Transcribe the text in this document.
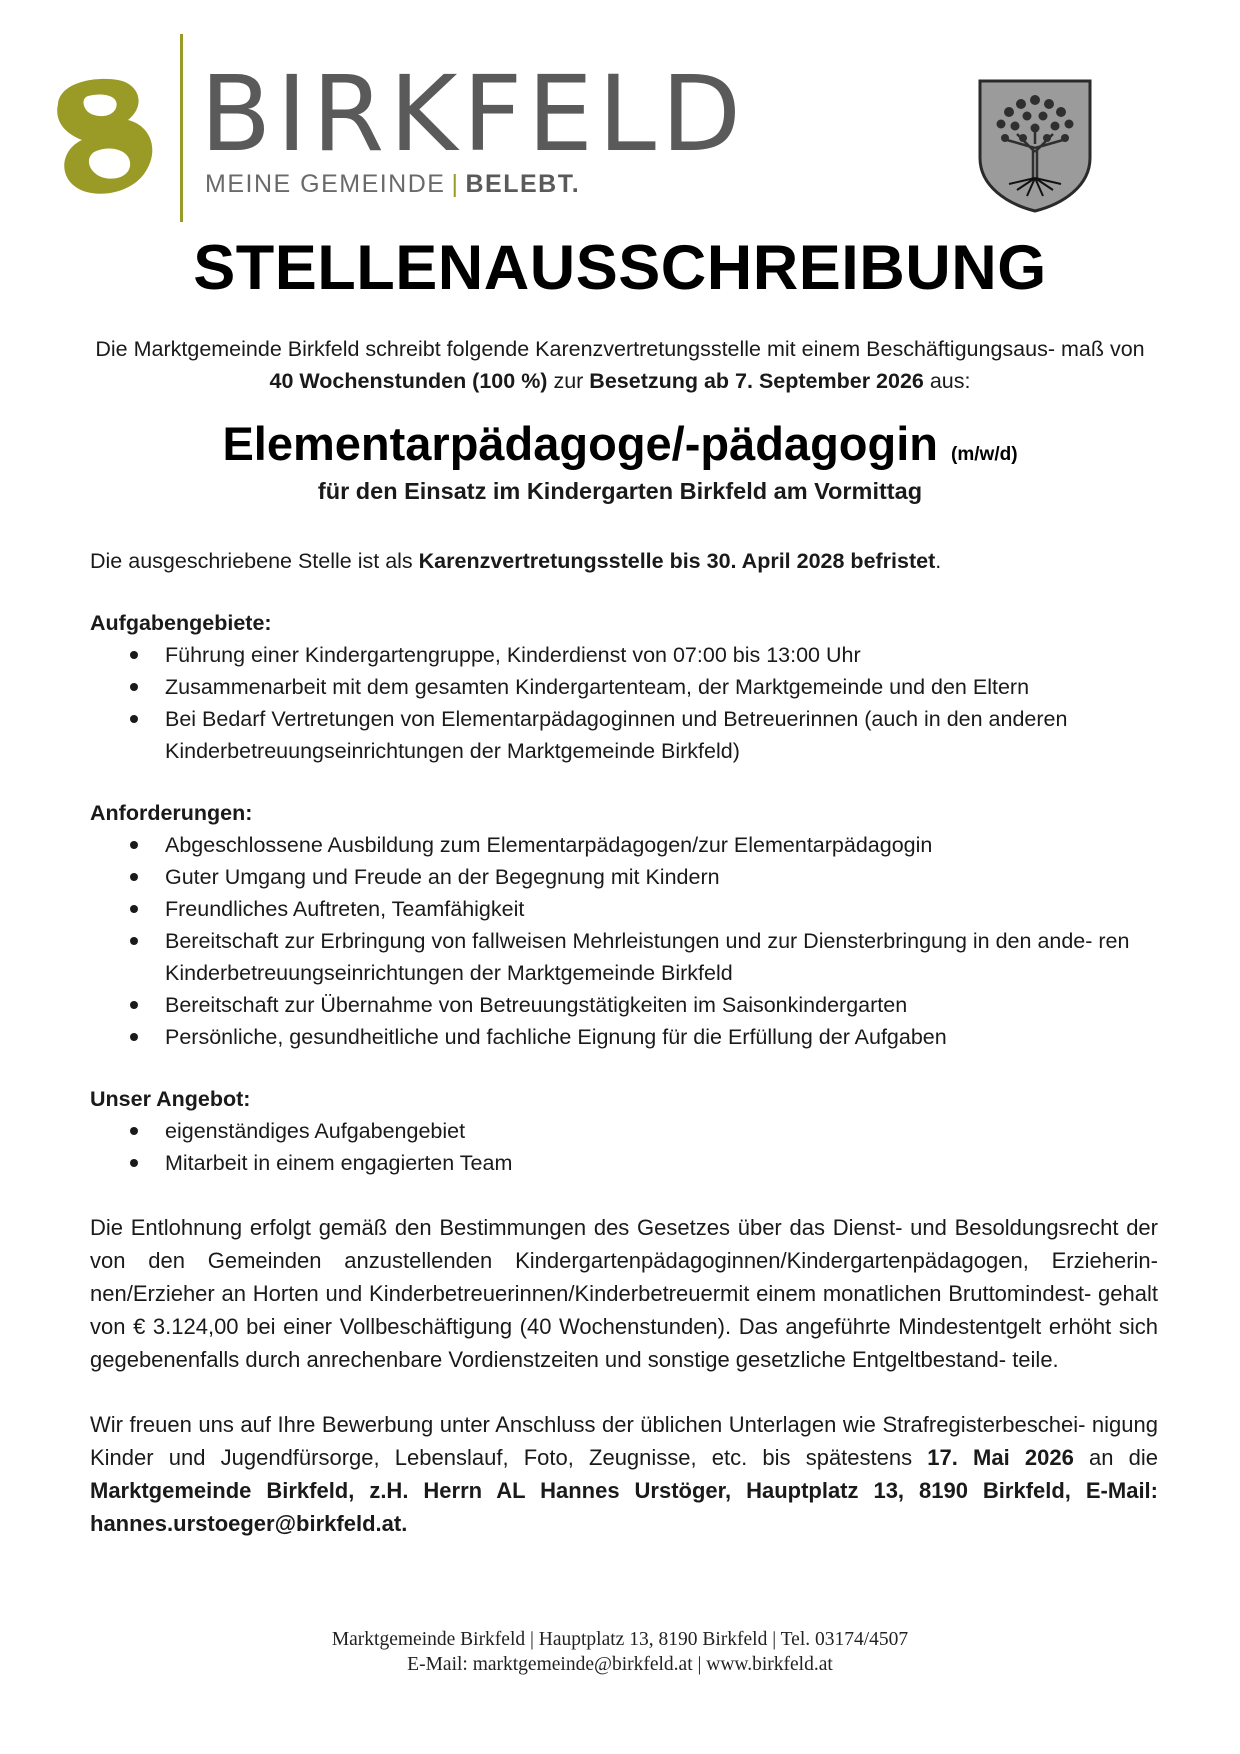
BIRKFELD
MEINE GEMEINDE | BELEBT.
STELLENAUSSCHREIBUNG
Die Marktgemeinde Birkfeld schreibt folgende Karenzvertretungsstelle mit einem Beschäftigungsaus- maß von 40 Wochenstunden (100 %) zur Besetzung ab 7. September 2026 aus:
Elementarpädagoge/-pädagogin (m/w/d)
für den Einsatz im Kindergarten Birkfeld am Vormittag

Die ausgeschriebene Stelle ist als Karenzvertretungsstelle bis 30. April 2028 befristet.

Aufgabengebiete:

Führung einer Kindergartengruppe, Kinderdienst von 07:00 bis 13:00 Uhr
Zusammenarbeit mit dem gesamten Kindergartenteam, der Marktgemeinde und den Eltern
Bei Bedarf Vertretungen von Elementarpädagoginnen und Betreuerinnen (auch in den anderen Kinderbetreuungseinrichtungen der Marktgemeinde Birkfeld)

Anforderungen:

Abgeschlossene Ausbildung zum Elementarpädagogen/zur Elementarpädagogin
Guter Umgang und Freude an der Begegnung mit Kindern
Freundliches Auftreten, Teamfähigkeit
Bereitschaft zur Erbringung von fallweisen Mehrleistungen und zur Diensterbringung in den ande- ren Kinderbetreuungseinrichtungen der Marktgemeinde Birkfeld
Bereitschaft zur Übernahme von Betreuungstätigkeiten im Saisonkindergarten
Persönliche, gesundheitliche und fachliche Eignung für die Erfüllung der Aufgaben

Unser Angebot:

eigenständiges Aufgabengebiet
Mitarbeit in einem engagierten Team

Die Entlohnung erfolgt gemäß den Bestimmungen des Gesetzes über das Dienst- und Besoldungsrecht der von den Gemeinden anzustellenden Kindergartenpädagoginnen/Kindergartenpädagogen, Erzieherin- nen/Erzieher an Horten und Kinderbetreuerinnen/Kinderbetreuermit einem monatlichen Bruttomindest- gehalt von € 3.124,00 bei einer Vollbeschäftigung (40 Wochenstunden). Das angeführte Mindestentgelt erhöht sich gegebenenfalls durch anrechenbare Vordienstzeiten und sonstige gesetzliche Entgeltbestand- teile.

Wir freuen uns auf Ihre Bewerbung unter Anschluss der üblichen Unterlagen wie Strafregisterbeschei- nigung Kinder und Jugendfürsorge, Lebenslauf, Foto, Zeugnisse, etc. bis spätestens 17. Mai 2026 an die Marktgemeinde Birkfeld, z.H. Herrn AL Hannes Urstöger, Hauptplatz 13, 8190 Birkfeld, E-Mail: hannes.urstoeger@birkfeld.at.

Marktgemeinde Birkfeld | Hauptplatz 13, 8190 Birkfeld | Tel. 03174/4507
E-Mail: marktgemeinde@birkfeld.at | www.birkfeld.at
